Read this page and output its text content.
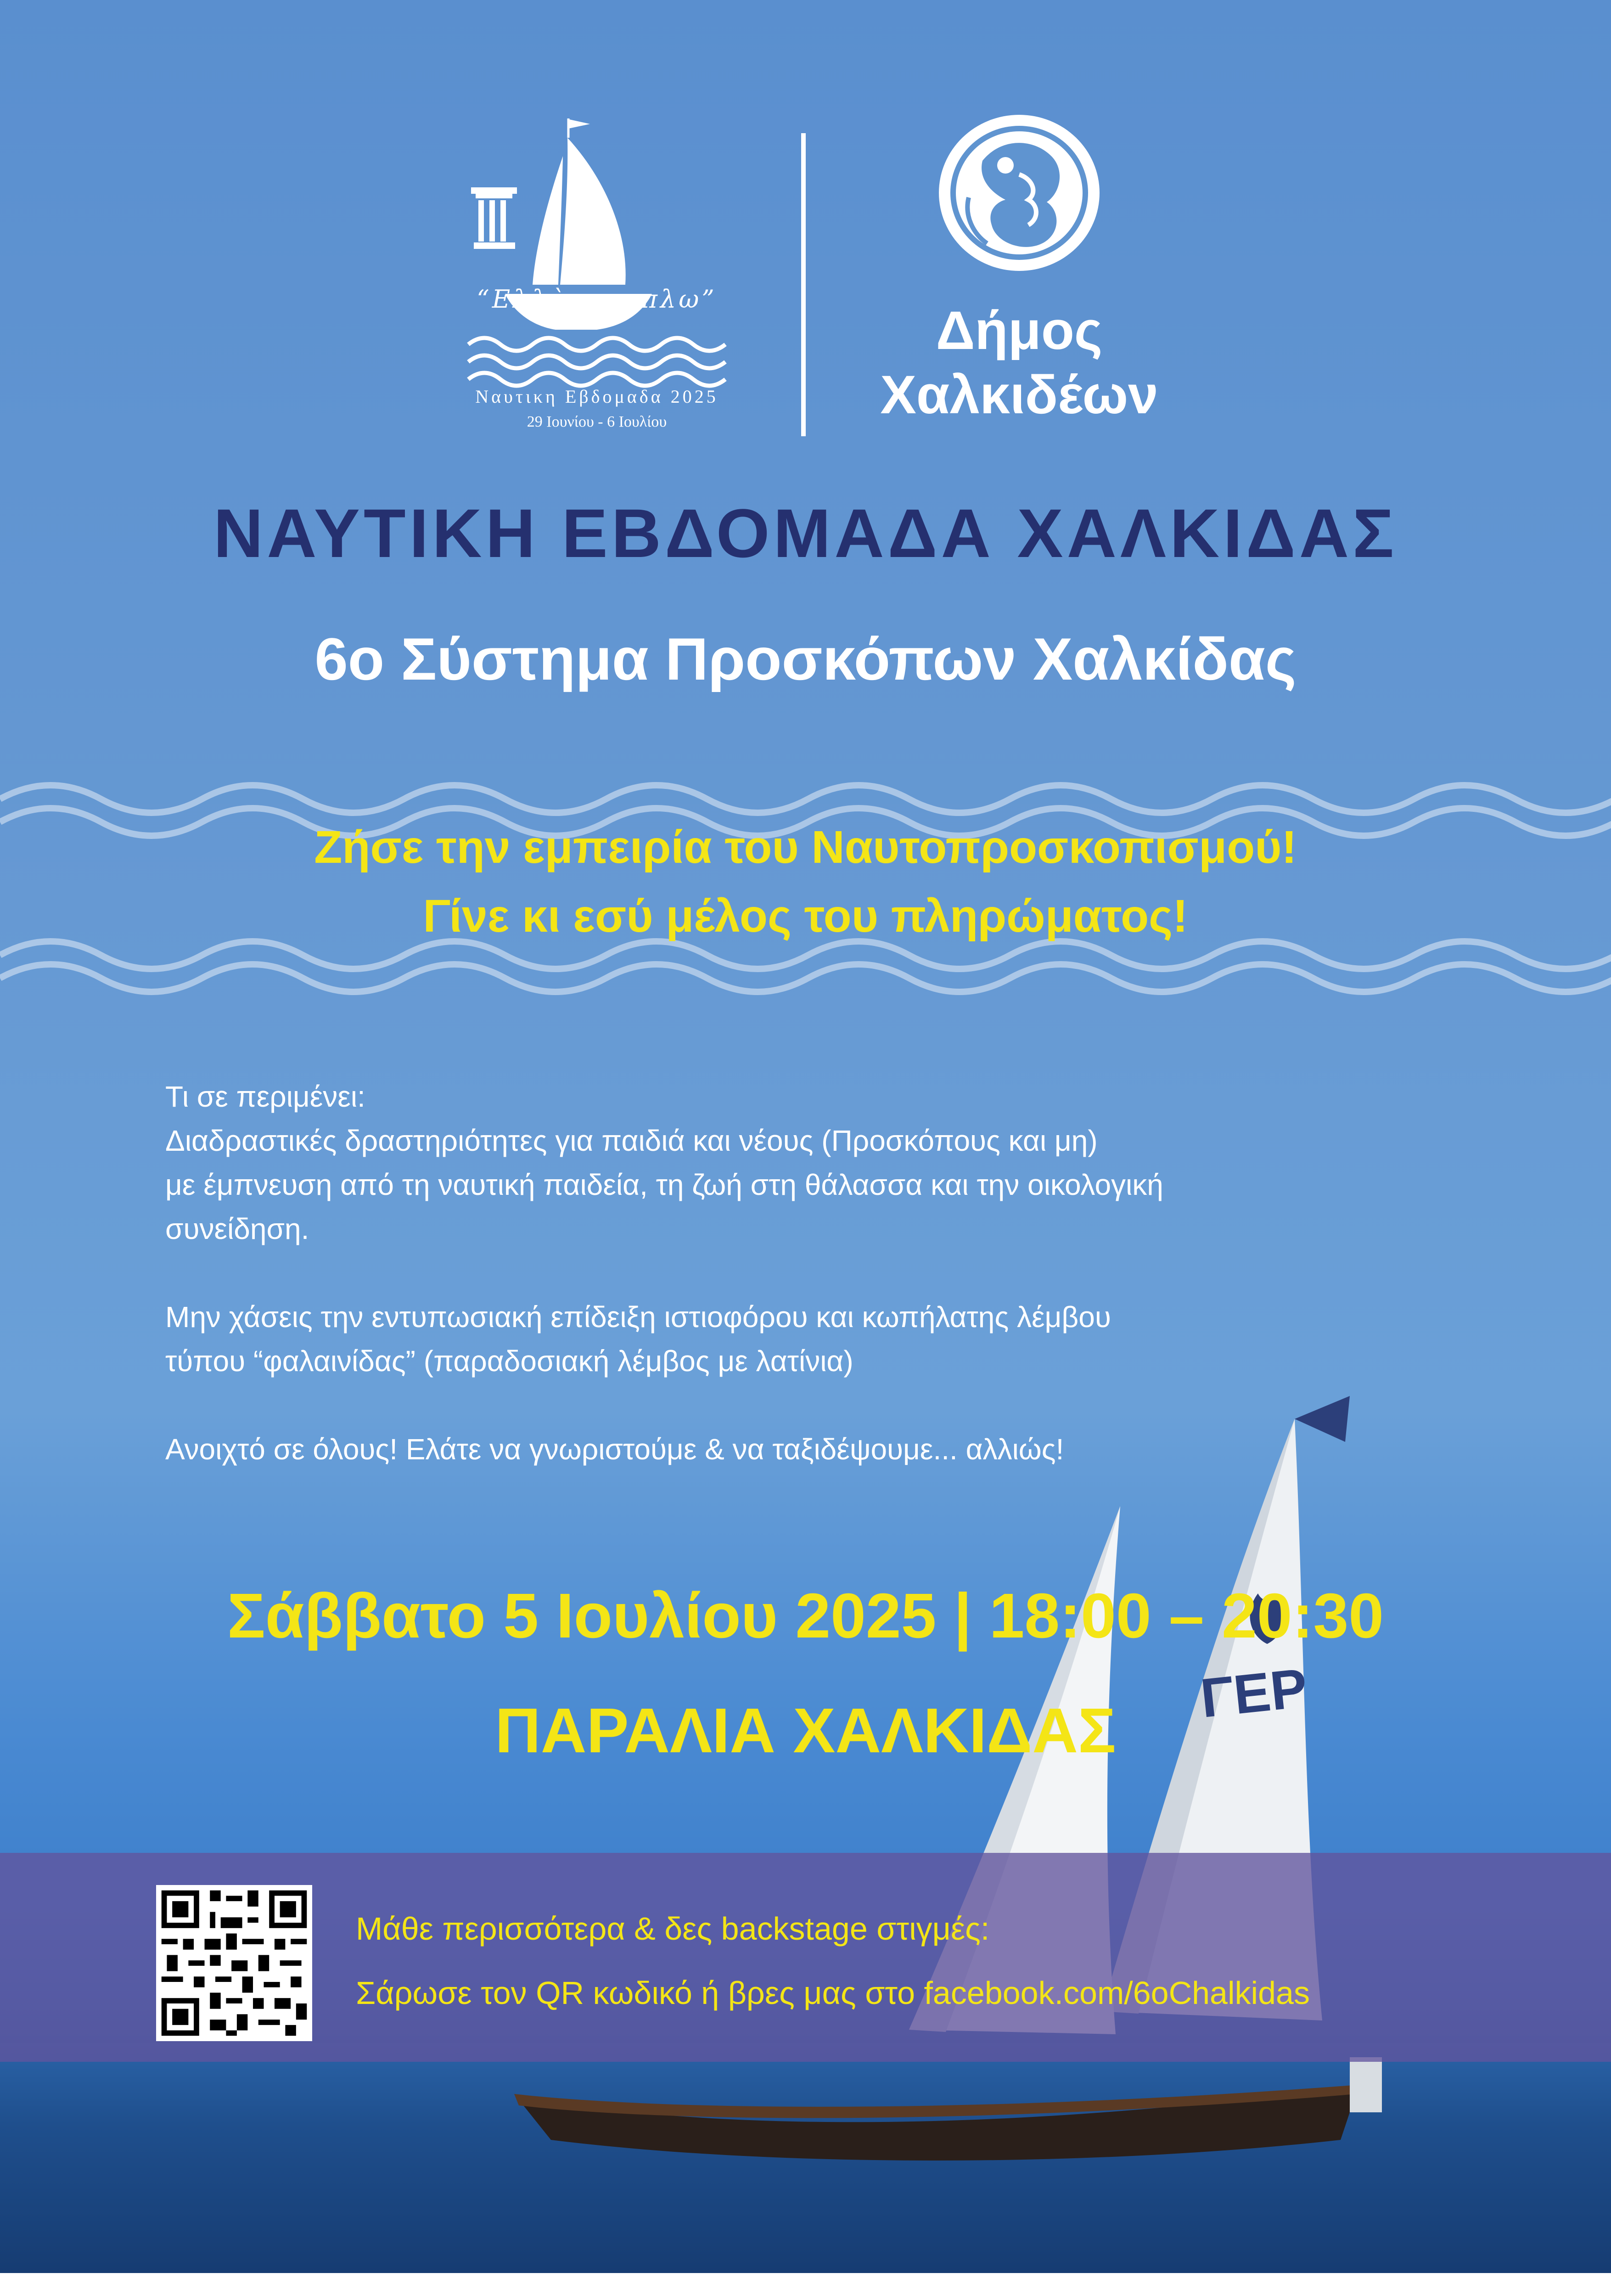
“Ελλὰς εν πλω”
Ναυτικη Εβδομαδα 2025
29 Ιουνίου - 6 Ιουλίου
Δήμος
Χαλκιδέων
ΝΑΥΤΙΚΗ ΕΒΔΟΜΑΔΑ ΧΑΛΚΙΔΑΣ
6ο Σύστημα Προσκόπων Χαλκίδας
Ζήσε την εμπειρία του Ναυτοπροσκοπισμού!
Γίνε κι εσύ μέλος του πληρώματος!
ΓΕΡ

Τι σε περιμένει:
Διαδραστικές δραστηριότητες για παιδιά και νέους (Προσκόπους και μη)
με έμπνευση από τη ναυτική παιδεία, τη ζωή στη θάλασσα και την οικολογική
συνείδηση.

Μην χάσεις την εντυπωσιακή επίδειξη ιστιοφόρου και κωπήλατης λέμβου
τύπου “φαλαινίδας” (παραδοσιακή λέμβος με λατίνια)

Ανοιχτό σε όλους! Ελάτε να γνωριστούμε & να ταξιδέψουμε... αλλιώς!

Σάββατο 5 Ιουλίου 2025 | 18:00 – 20:30
ΠΑΡΑΛΙΑ ΧΑΛΚΙΔΑΣ
Μάθε περισσότερα & δες backstage στιγμές:
Σάρωσε τον QR κωδικό ή βρες μας στο facebook.com/6oChalkidas
